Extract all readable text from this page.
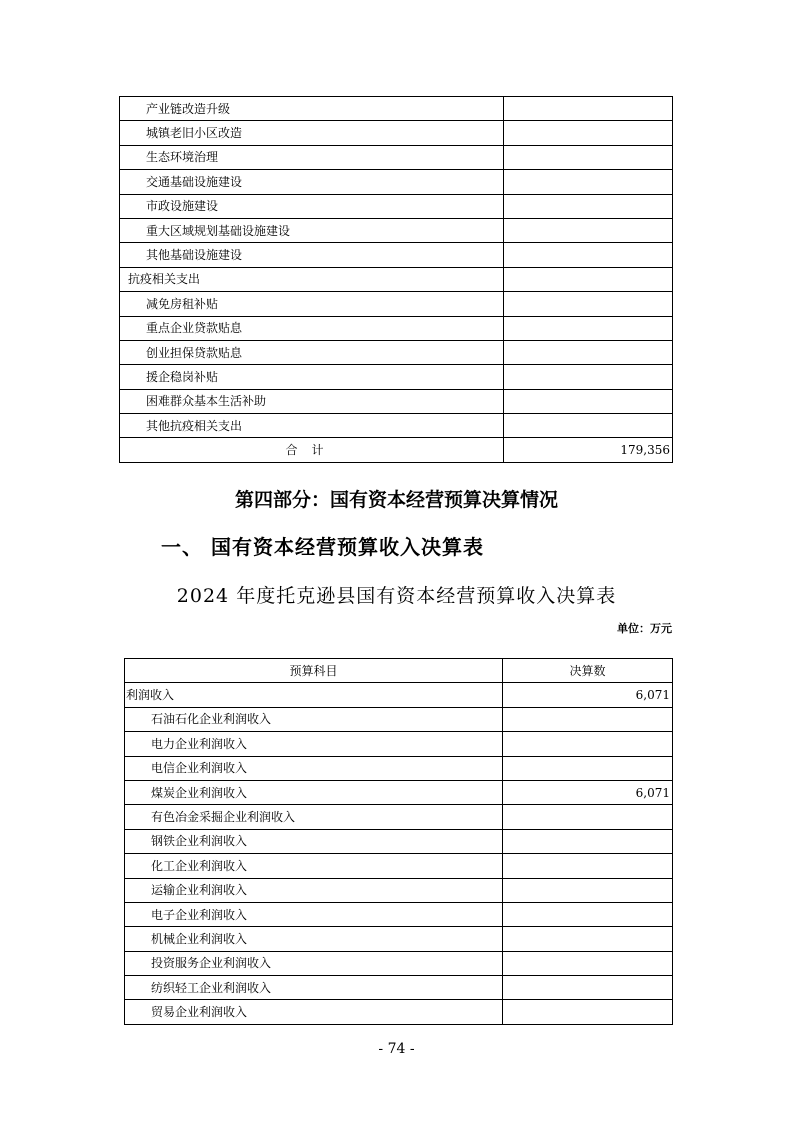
产业链改造升级	
城镇老旧小区改造	
生态环境治理	
交通基础设施建设	
市政设施建设	
重大区域规划基础设施建设	
其他基础设施建设	
抗疫相关支出	
减免房租补贴	
重点企业贷款贴息	
创业担保贷款贴息	
援企稳岗补贴	
困难群众基本生活补助	
其他抗疫相关支出	
合计	179,356
第四部分：国有资本经营预算决算情况
一、 国有资本经营预算收入决算表
2024 年度托克逊县国有资本经营预算收入决算表
单位：万元
预算科目	决算数
利润收入	6,071
石油石化企业利润收入	
电力企业利润收入	
电信企业利润收入	
煤炭企业利润收入	6,071
有色冶金采掘企业利润收入	
钢铁企业利润收入	
化工企业利润收入	
运输企业利润收入	
电子企业利润收入	
机械企业利润收入	
投资服务企业利润收入	
纺织轻工企业利润收入	
贸易企业利润收入	
- 74 -
